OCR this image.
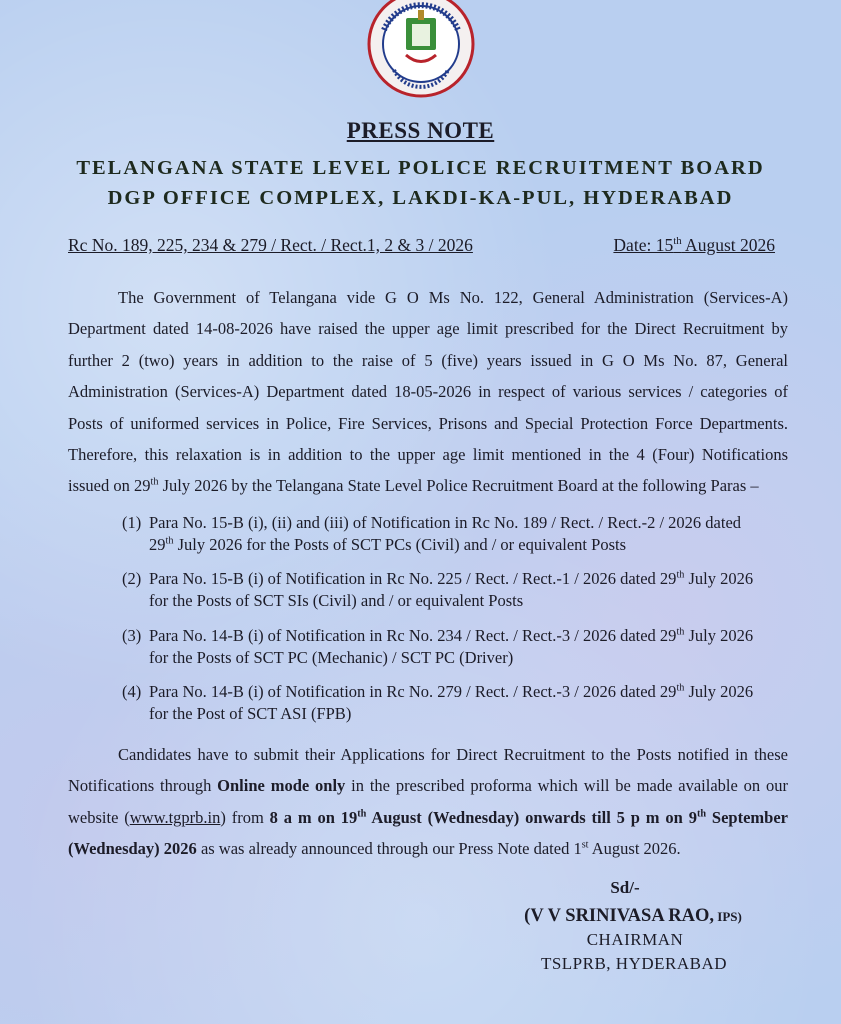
PRESS NOTE
TELANGANA STATE LEVEL POLICE RECRUITMENT BOARD
DGP OFFICE COMPLEX, LAKDI-KA-PUL, HYDERABAD
Rc No. 189, 225, 234 & 279 / Rect. / Rect.1, 2 & 3 / 2026	Date: 15th August 2026
The Government of Telangana vide G O Ms No. 122, General Administration (Services-A) Department dated 14-08-2026 have raised the upper age limit prescribed for the Direct Recruitment by further 2 (two) years in addition to the raise of 5 (five) years issued in G O Ms No. 87, General Administration (Services-A) Department dated 18-05-2026 in respect of various services / categories of Posts of uniformed services in Police, Fire Services, Prisons and Special Protection Force Departments. Therefore, this relaxation is in addition to the upper age limit mentioned in the 4 (Four) Notifications
issued on 29th July 2026 by the Telangana State Level Police Recruitment Board at the following Paras –
(1) Para No. 15-B (i), (ii) and (iii) of Notification in Rc No. 189 / Rect. / Rect.-2 / 2026 dated
29th July 2026 for the Posts of SCT PCs (Civil) and / or equivalent Posts
(2) Para No. 15-B (i) of Notification in Rc No. 225 / Rect. / Rect.-1 / 2026 dated 29th July 2026
for the Posts of SCT SIs (Civil) and / or equivalent Posts
(3) Para No. 14-B (i) of Notification in Rc No. 234 / Rect. / Rect.-3 / 2026 dated 29th July 2026
for the Posts of SCT PC (Mechanic) / SCT PC (Driver)
(4) Para No. 14-B (i) of Notification in Rc No. 279 / Rect. / Rect.-3 / 2026 dated 29th July 2026
for the Post of SCT ASI (FPB)
Candidates have to submit their Applications for Direct Recruitment to the Posts notified in these
Notifications through Online mode only in the prescribed proforma which will be made available on our
website (www.tgprb.in) from 8 a m on 19th August (Wednesday) onwards till 5 p m on 9th September
(Wednesday) 2026 as was already announced through our Press Note dated 1st August 2026.
Sd/-
(V V SRINIVASA RAO, IPS)
CHAIRMAN
TSLPRB, HYDERABAD
